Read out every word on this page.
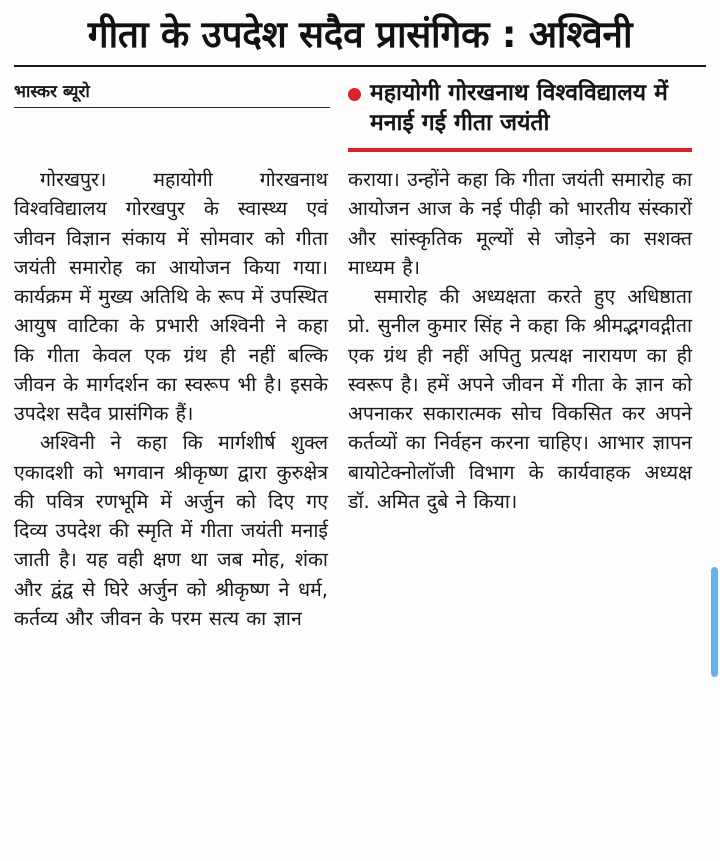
गीता के उपदेश सदैव प्रासंगिक : अश्विनी
भास्कर ब्यूरो	महायोगी गोरखनाथ विश्वविद्यालय में मनाई गई गीता जयंती

गोरखपुर। महायोगी गोरखनाथ विश्वविद्यालय गोरखपुर के स्वास्थ्य एवं जीवन विज्ञान संकाय में सोमवार को गीता जयंती समारोह का आयोजन किया गया। कार्यक्रम में मुख्य अतिथि के रूप में उपस्थित आयुष वाटिका के प्रभारी अश्विनी ने कहा कि गीता केवल एक ग्रंथ ही नहीं बल्कि जीवन के मार्गदर्शन का स्वरूप भी है। इसके उपदेश सदैव प्रासंगिक हैं।

अश्विनी ने कहा कि मार्गशीर्ष शुक्ल एकादशी को भगवान श्रीकृष्ण द्वारा कुरुक्षेत्र की पवित्र रणभूमि में अर्जुन को दिए गए दिव्य उपदेश की स्मृति में गीता जयंती मनाई जाती है। यह वही क्षण था जब मोह, शंका और द्वंद्व से घिरे अर्जुन को श्रीकृष्ण ने धर्म, कर्तव्य और जीवन के परम सत्य का ज्ञान

कराया। उन्होंने कहा कि गीता जयंती समारोह का आयोजन आज के नई पीढ़ी को भारतीय संस्कारों और सांस्कृतिक मूल्यों से जोड़ने का सशक्त माध्यम है।

समारोह की अध्यक्षता करते हुए अधिष्ठाता प्रो. सुनील कुमार सिंह ने कहा कि श्रीमद्भगवद्गीता एक ग्रंथ ही नहीं अपितु प्रत्यक्ष नारायण का ही स्वरूप है। हमें अपने जीवन में गीता के ज्ञान को अपनाकर सकारात्मक सोच विकसित कर अपने कर्तव्यों का निर्वहन करना चाहिए। आभार ज्ञापन बायोटेक्नोलॉजी विभाग के कार्यवाहक अध्यक्ष डॉ. अमित दुबे ने किया।
